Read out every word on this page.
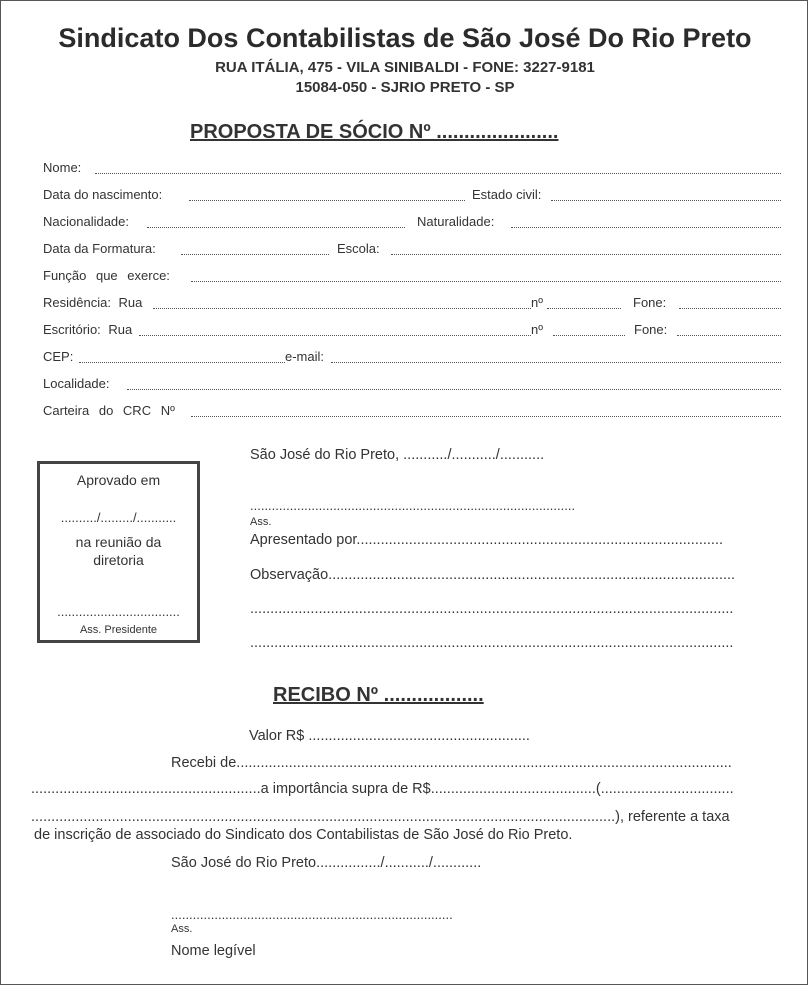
Sindicato Dos Contabilistas de São José Do Rio Preto
RUA ITÁLIA, 475 - VILA SINIBALDI - FONE: 3227-9181
15084-050 - SJRIO PRETO - SP
PROPOSTA DE SÓCIO Nº ......................
Nome:
Data do nascimento:	Estado civil:
Nacionalidade:	Naturalidade:
Data da Formatura:	Escola:
Função que exerce:
Residência: Rua	nº	Fone:
Escritório: Rua	nº	Fone:
CEP:	e-mail:
Localidade:
Carteira do CRC Nº
Aprovado em
........../........./...........
na reunião da
diretoria
..................................
Ass. Presidente
São José do Rio Preto, .........../.........../...........
..........................................................................................
Ass.
Apresentado por...........................................................................................
Observação.....................................................................................................
........................................................................................................................
........................................................................................................................
RECIBO Nº ..................
Valor R$ .......................................................
Recebi de...........................................................................................................................
.........................................................a importância supra de R$.........................................(.................................
.................................................................................................................................................), referente a taxa
de inscrição de associado do Sindicato dos Contabilistas de São José do Rio Preto.
São José do Rio Preto................/.........../............
..............................................................................
Ass.
Nome legível
